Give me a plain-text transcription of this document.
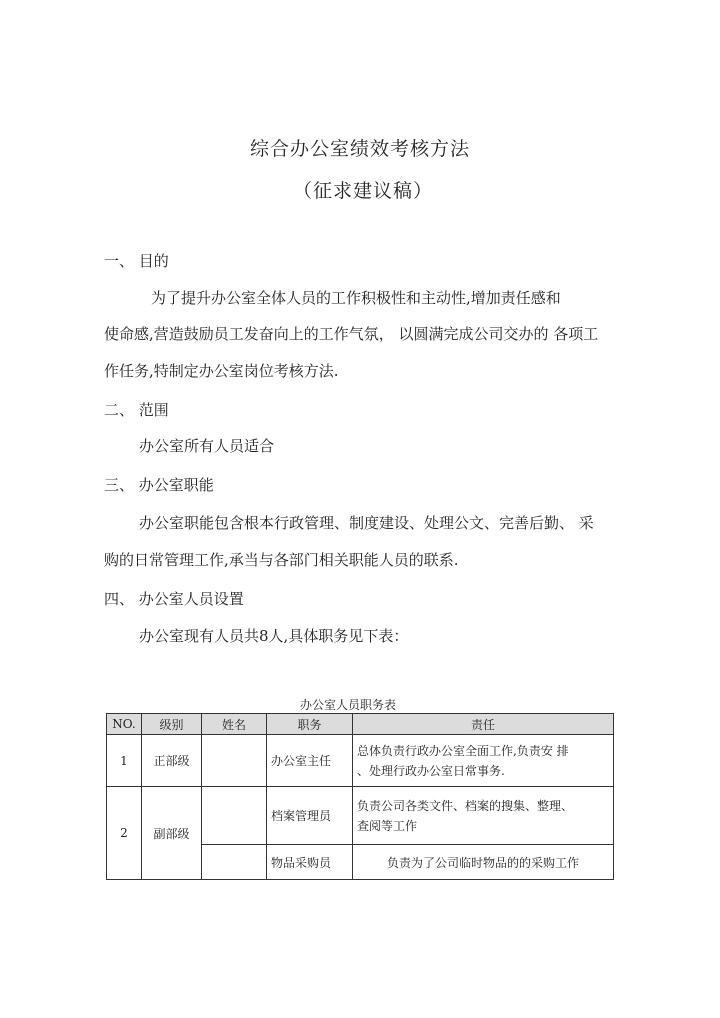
综合办公室绩效考核方法
（征求建议稿）
一、 目的
为了提升办公室全体人员的工作积极性和主动性,增加责任感和
使命感,营造鼓励员工发奋向上的工作气氛， 以圆满完成公司交办的 各项工
作任务,特制定办公室岗位考核方法.
二、 范围
办公室所有人员适合
三、 办公室职能
办公室职能包含根本行政管理、制度建设、处理公文、完善后勤、 采
购的日常管理工作,承当与各部门相关职能人员的联系.
四、 办公室人员设置
办公室现有人员共8人,具体职务见下表：
办公室人员职务表
NO.	级别	姓名	职务	责任
1	正部级		办公室主任	总体负责行政办公室全面工作,负责安 排
、处理行政办公室日常事务.

2	副部级		档案管理员	负责公司各类文件、档案的搜集、整理、
查阅等工作

			物品采购员	负责为了公司临时物品的的采购工作
